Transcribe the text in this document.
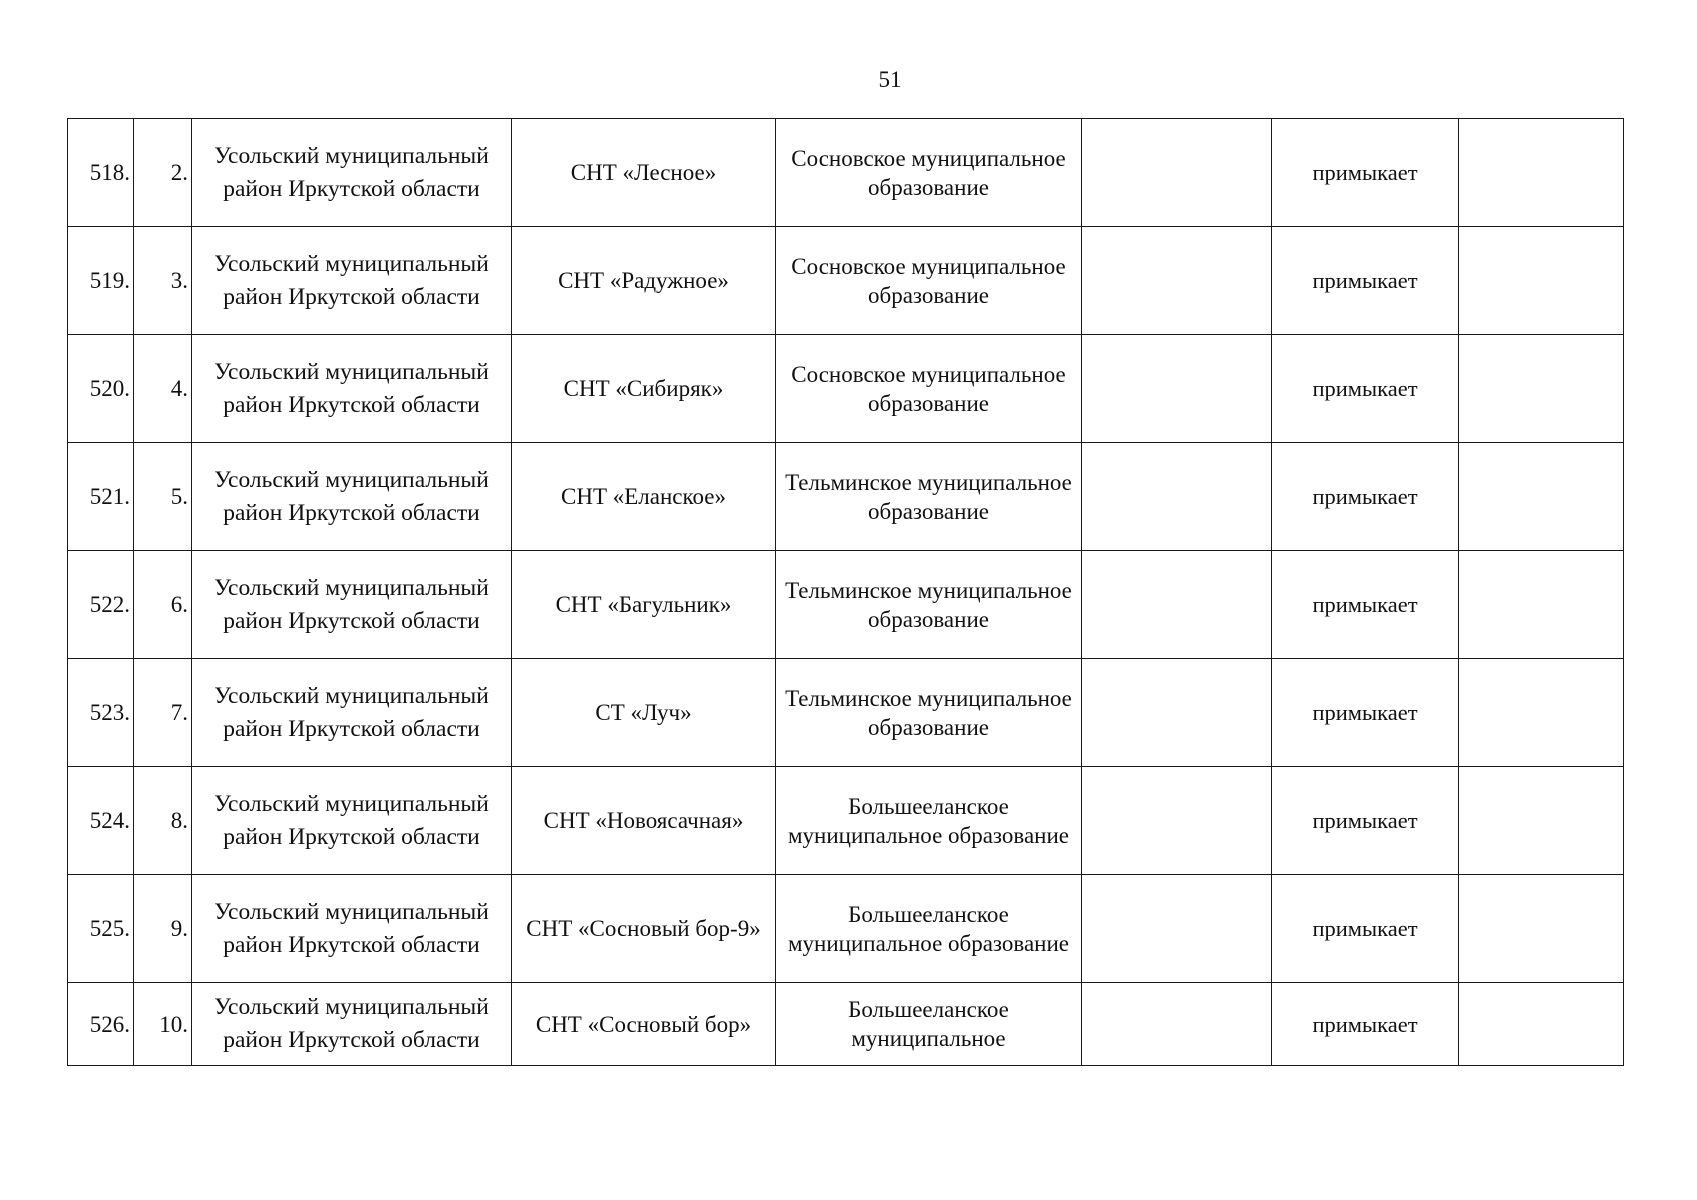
51
518.	2.	Усольский муниципальный район Иркутской области	СНТ «Лесное»	Сосновское муниципальное образование		примыкает	
519.	3.	Усольский муниципальный район Иркутской области	СНТ «Радужное»	Сосновское муниципальное образование		примыкает	
520.	4.	Усольский муниципальный район Иркутской области	СНТ «Сибиряк»	Сосновское муниципальное образование		примыкает	
521.	5.	Усольский муниципальный район Иркутской области	СНТ «Еланское»	Тельминское муниципальное образование		примыкает	
522.	6.	Усольский муниципальный район Иркутской области	СНТ «Багульник»	Тельминское муниципальное образование		примыкает	
523.	7.	Усольский муниципальный район Иркутской области	СТ «Луч»	Тельминское муниципальное образование		примыкает	
524.	8.	Усольский муниципальный район Иркутской области	СНТ «Новоясачная»	Большееланское муниципальное образование		примыкает	
525.	9.	Усольский муниципальный район Иркутской области	СНТ «Сосновый бор-9»	Большееланское муниципальное образование		примыкает	
526.	10.	Усольский муниципальный район Иркутской области	СНТ «Сосновый бор»	Большееланское муниципальное		примыкает	
